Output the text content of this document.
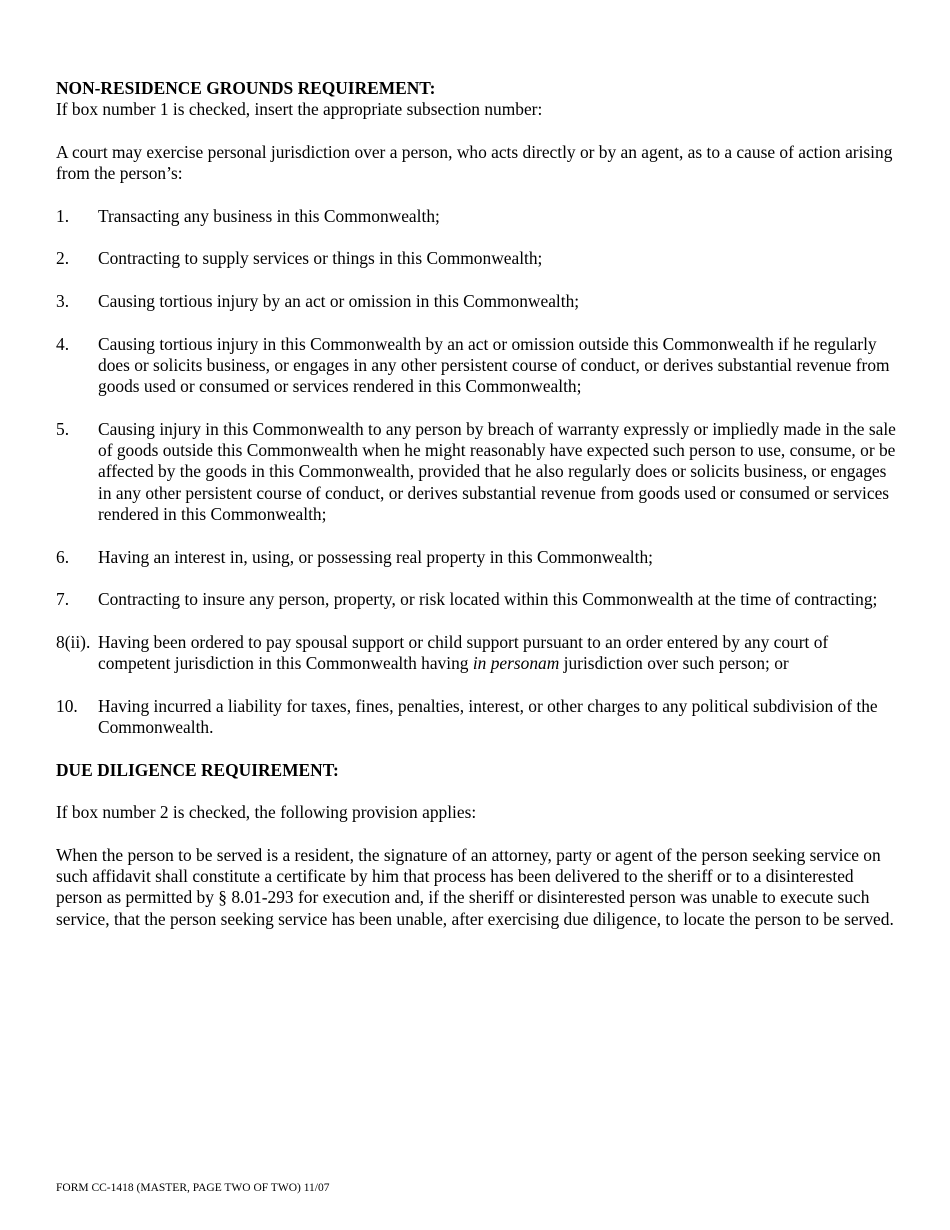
NON-RESIDENCE GROUNDS REQUIREMENT:

If box number 1 is checked, insert the appropriate subsection number:

A court may exercise personal jurisdiction over a person, who acts directly or by an agent, as to a cause of action arising from the person’s:

1.	Transacting any business in this Commonwealth;
2.	Contracting to supply services or things in this Commonwealth;
3.	Causing tortious injury by an act or omission in this Commonwealth;
4.	Causing tortious injury in this Commonwealth by an act or omission outside this Commonwealth if he regularly does or solicits business, or engages in any other persistent course of conduct, or derives substantial revenue from goods used or consumed or services rendered in this Commonwealth;
5.	Causing injury in this Commonwealth to any person by breach of warranty expressly or impliedly made in the sale of goods outside this Commonwealth when he might reasonably have expected such person to use, consume, or be affected by the goods in this Commonwealth, provided that he also regularly does or solicits business, or engages in any other persistent course of conduct, or derives substantial revenue from goods used or consumed or services rendered in this Commonwealth;
6.	Having an interest in, using, or possessing real property in this Commonwealth;
7.	Contracting to insure any person, property, or risk located within this Commonwealth at the time of contracting;
8(ii). Having been ordered to pay spousal support or child support pursuant to an order entered by any court of competent jurisdiction in this Commonwealth having in personam jurisdiction over such person; or
10.	Having incurred a liability for taxes, fines, penalties, interest, or other charges to any political subdivision of the Commonwealth.

DUE DILIGENCE REQUIREMENT:

If box number 2 is checked, the following provision applies:

When the person to be served is a resident, the signature of an attorney, party or agent of the person seeking service on such affidavit shall constitute a certificate by him that process has been delivered to the sheriff or to a disinterested person as permitted by § 8.01-293 for execution and, if the sheriff or disinterested person was unable to execute such service, that the person seeking service has been unable, after exercising due diligence, to locate the person to be served.

FORM CC-1418 (MASTER, PAGE TWO OF TWO) 11/07
